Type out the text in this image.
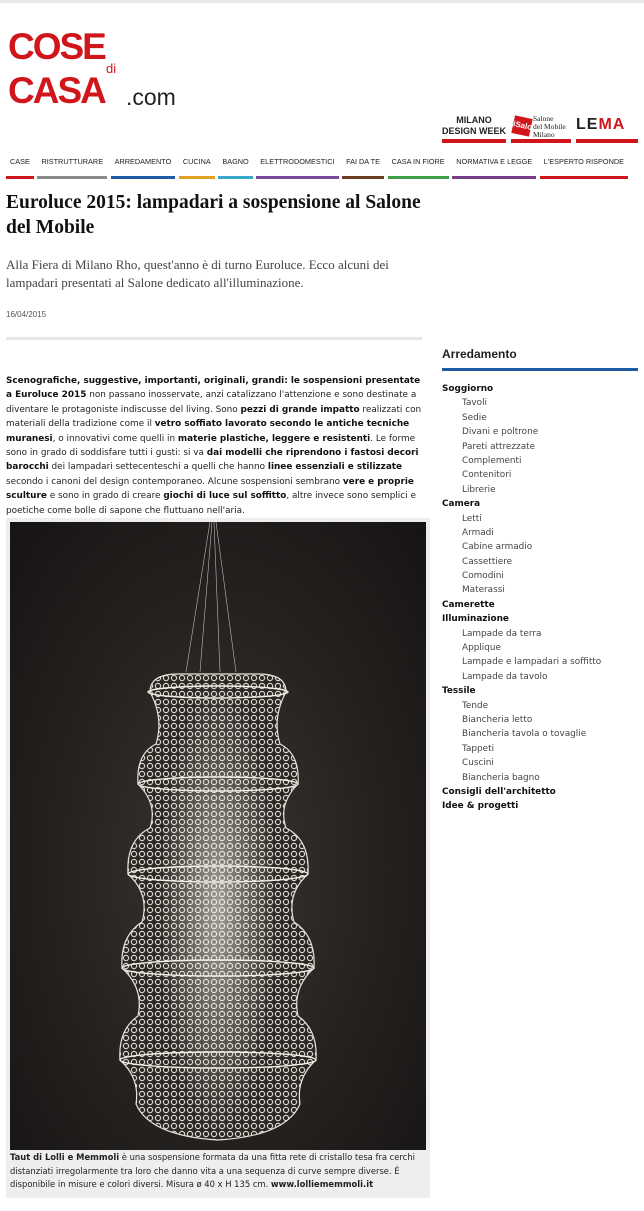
COSE
di
CASA .com
MILANO
DESIGN WEEK iSaloni
Salone
del Mobile
Milano
LEMA
CASE	RISTRUTTURARE	ARREDAMENTO	CUCINA	BAGNO	ELETTRODOMESTICI	FAI DA TE	CASA IN FIORE	NORMATIVA E LEGGE	L'ESPERTO RISPONDE
Euroluce 2015: lampadari a sospensione al Salone del Mobile

Alla Fiera di Milano Rho, quest'anno è di turno Euroluce. Ecco alcuni dei lampadari presentati al Salone dedicato all'illuminazione.

16/04/2015

Scenografiche, suggestive, importanti, originali, grandi: le sospensioni presentate a Euroluce 2015 non passano inosservate, anzi catalizzano l'attenzione e sono destinate a diventare le protagoniste indiscusse del living. Sono pezzi di grande impatto realizzati con materiali della tradizione come il vetro soffiato lavorato secondo le antiche tecniche muranesi, o innovativi come quelli in materie plastiche, leggere e resistenti. Le forme sono in grado di soddisfare tutti i gusti: si va dai modelli che riprendono i fastosi decori barocchi dei lampadari settecenteschi a quelli che hanno linee essenziali e stilizzate secondo i canoni del design contemporaneo. Alcune sospensioni sembrano vere e proprie sculture e sono in grado di creare giochi di luce sul soffitto, altre invece sono semplici e poetiche come bolle di sapone che fluttuano nell'aria.

Taut di Lolli e Memmoli è una sospensione formata da una fitta rete di cristallo tesa fra cerchi distanziati irregolarmente tra loro che danno vita a una sequenza di curve sempre diverse. É disponibile in misure e colori diversi. Misura ø 40 x H 135 cm. www.lolliememmoli.it

Arredamento
Soggiorno
Tavoli
Sedie
Divani e poltrone
Pareti attrezzate
Complementi
Contenitori
Librerie
Camera
Letti
Armadi
Cabine armadio
Cassettiere
Comodini
Materassi
Camerette
Illuminazione
Lampade da terra
Applique
Lampade e lampadari a soffitto
Lampade da tavolo
Tessile
Tende
Biancheria letto
Biancheria tavola o tovaglie
Tappeti
Cuscini
Biancheria bagno
Consigli dell'architetto
Idee & progetti
